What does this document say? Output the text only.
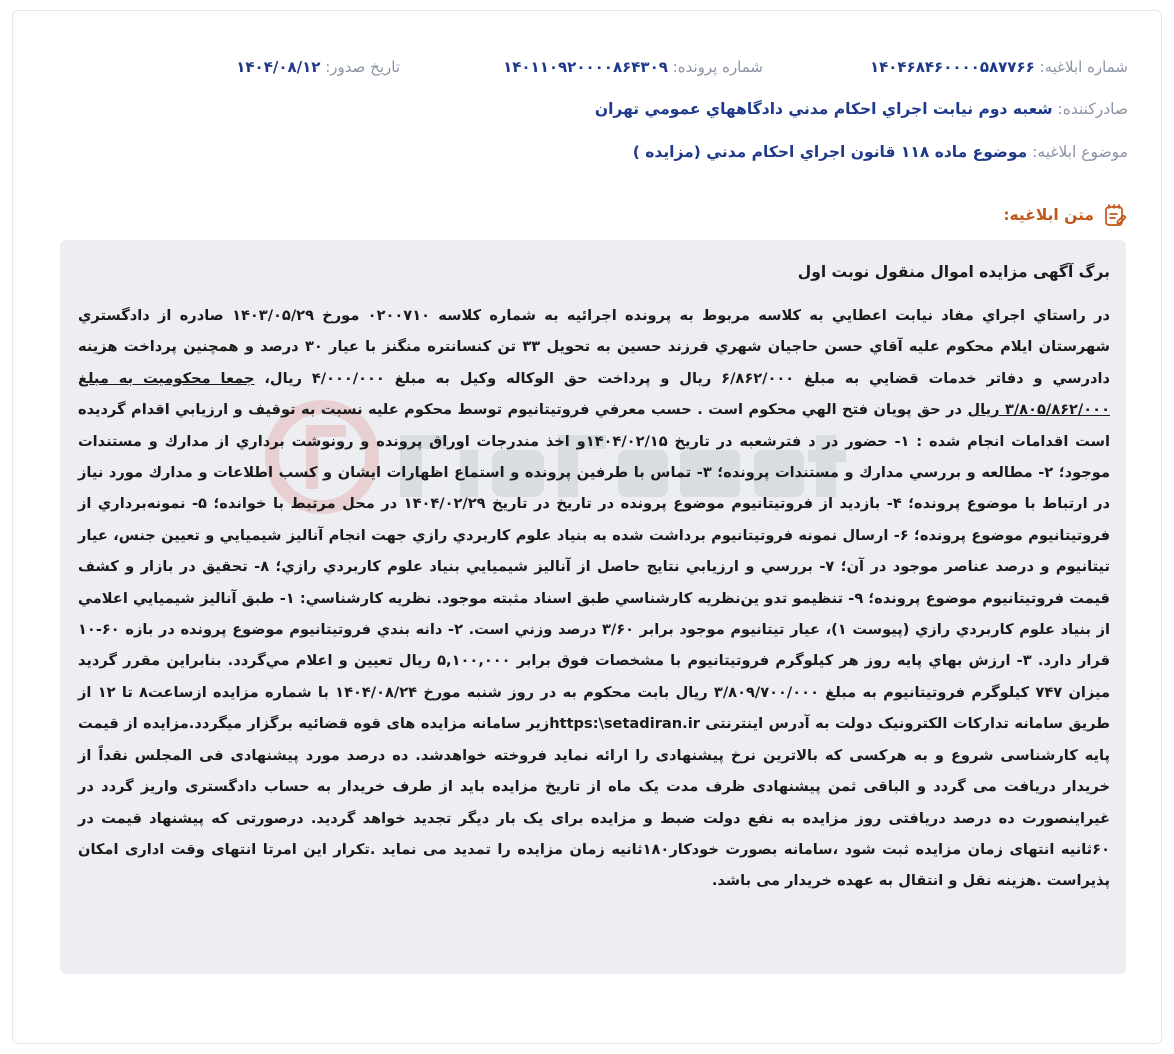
شماره ابلاغیه: ۱۴۰۴۶۸۴۶۰۰۰۰۵۸۷۷۶۶
شماره پرونده: ۱۴۰۱۱۰۹۲۰۰۰۰۸۶۴۳۰۹
تاریخ صدور: ۱۴۰۴/۰۸/۱۲
صادرکننده: شعبه دوم نيابت اجراي احكام مدني دادگاههاي عمومي تهران
موضوع ابلاغیه: موضوع ماده ۱۱۸ قانون اجراي احكام مدني (مزايده )
متن ابلاغیه:

برگ آگهی مزایده اموال منقول نوبت اول

در راستاي اجراي مفاد نيابت اعطايي به كلاسه مربوط به پرونده اجرائيه به شماره كلاسه ۰۲۰۰۷۱۰ مورخ ۱۴۰۳/۰۵/۲۹ صادره از دادگستري شهرستان ايلام محكوم عليه آقاي حسن حاجيان شهري فرزند حسين به تحويل ۳۳ تن كنسانتره منگنز با عيار ۳۰ درصد و همچنين پرداخت هزينه دادرسي و دفاتر خدمات قضايي به مبلغ ۶/۸۶۲/۰۰۰ ريال و پرداخت حق الوكاله وكيل به مبلغ ۴/۰۰۰/۰۰۰ ريال، جمعا محكوميت به مبلغ ۳/۸۰۵/۸۶۲/۰۰۰ ريال در حق پويان فتح الهي محكوم است . حسب معرفي فروتيتانيوم توسط محكوم عليه نسبت به توقيف و ارزيابي اقدام گرديده است اقدامات انجام شده : ۱- حضور در د فترشعبه در تاريخ ۱۴۰۴/۰۲/۱۵و اخذ مندرجات اوراق پرونده و رونوشت برداري از مدارك و مستندات موجود؛ ۲- مطالعه و بررسي مدارك و مستندات پرونده؛ ۳- تماس با طرفين پرونده و استماع اظهارات ايشان و كسب اطلاعات و مدارك مورد نياز در ارتباط با موضوع پرونده؛ ۴- بازديد از فروتيتانيوم موضوع پرونده در تاريخ در تاريخ ۱۴۰۴/۰۲/۲۹ در محل مرتبط با خوانده؛ ۵- نمونه‌برداري از فروتيتانيوم موضوع پرونده؛ ۶- ارسال نمونه فروتيتانيوم برداشت شده به بنياد علوم كاربردي رازي جهت انجام آناليز شيميايي و تعيين جنس، عيار تيتانيوم و درصد عناصر موجود در آن؛ ۷- بررسي و ارزيابي نتايج حاصل از آناليز شيميايي بنياد علوم كاربردي رازي؛ ۸- تحقيق در بازار و كشف قيمت فروتيتانيوم موضوع پرونده؛ ۹- تنظيمو تدو ين‌نظريه كارشناسي طبق اسناد مثبته موجود. نظريه كارشناسي: ۱- طبق آناليز شيميايي اعلامي از بنياد علوم كاربردي رازي (پيوست ۱)، عيار تيتانيوم موجود برابر ۳/۶۰ درصد وزني است. ۲- دانه بندي فروتيتانيوم موضوع پرونده در بازه ۶۰-۱۰ قرار دارد. ۳- ارزش بهاي پايه روز هر كيلوگرم فروتيتانيوم با مشخصات فوق برابر ۵,۱۰۰,۰۰۰ ريال تعيين و اعلام مي‌گردد. بنابراين مقرر گرديد ميزان ۷۴۷ كيلوگرم فروتيتانيوم به مبلغ ۳/۸۰۹/۷۰۰/۰۰۰ ريال بابت محكوم به در روز شنبه مورخ ۱۴۰۴/۰۸/۲۴ با شماره مزايده ازساعت۸ تا ۱۲ از طريق سامانه تداركات الكترونيک دولت به آدرس اينترنتی https:\setadiran.irزير سامانه مزايده های قوه قضائيه برگزار ميگردد.مزايده از قيمت پايه كارشناسی شروع و به هركسی كه بالاترين نرخ پيشنهادی را ارائه نمايد فروخته خواهدشد. ده درصد مورد پيشنهادی فی المجلس نقداً از خريدار دريافت می گردد و الباقی ثمن پيشنهادی ظرف مدت يک ماه از تاريخ مزايده بايد از طرف خريدار به حساب دادگستری واريز گردد در غيراينصورت ده درصد دريافتی روز مزايده به نفع دولت ضبط و مزايده برای يک بار ديگر تجديد خواهد گرديد. درصورتی كه پيشنهاد قيمت در ۶۰ثانيه انتهای زمان مزايده ثبت شود ،سامانه بصورت خودكار۱۸۰ثانيه زمان مزايده را تمديد می نمايد .تكرار اين امرتا انتهای وقت اداری امكان پذيراست .هزينه نقل و انتقال به عهده خريدار می باشد.
